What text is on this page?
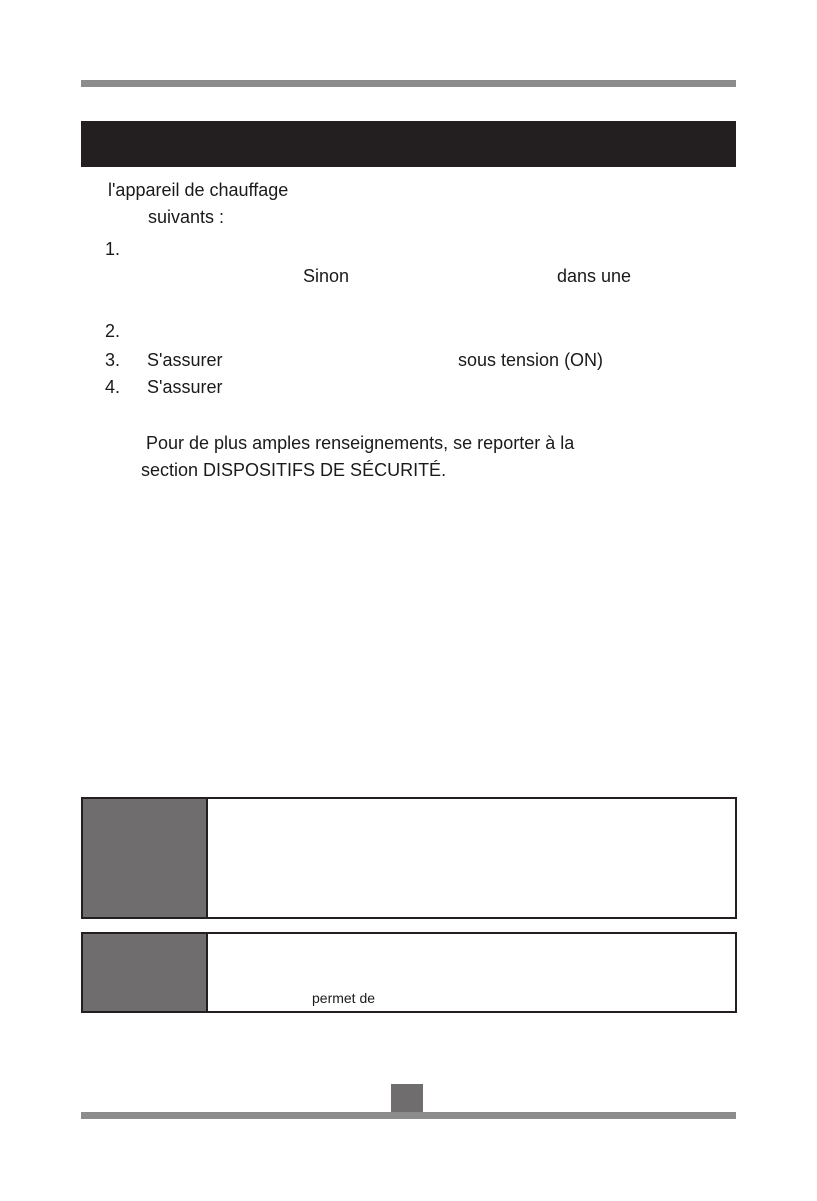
l'appareil de chauffage
suivants :
1.
Sinon	dans une
2.
3. S'assurer	sous tension (ON)
4. S'assurer
Pour de plus amples renseignements, se reporter à la
section DISPOSITIFS DE SÉCURITÉ.
permet de
